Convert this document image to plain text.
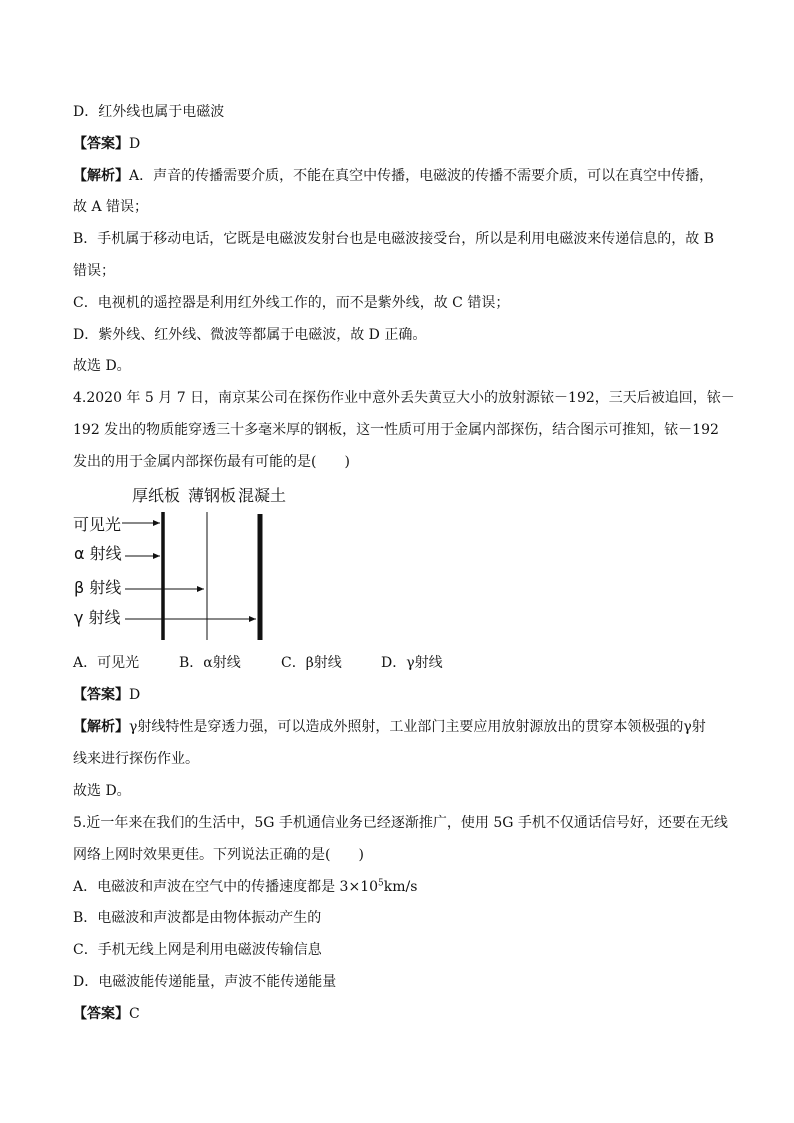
D．红外线也属于电磁波
【答案】D
【解析】A．声音的传播需要介质，不能在真空中传播，电磁波的传播不需要介质，可以在真空中传播，
故 A 错误；
B．手机属于移动电话，它既是电磁波发射台也是电磁波接受台，所以是利用电磁波来传递信息的，故 B
错误；
C．电视机的遥控器是利用红外线工作的，而不是紫外线，故 C 错误；
D．紫外线、红外线、微波等都属于电磁波，故 D 正确。
故选 D。
4.2020 年 5 月 7 日，南京某公司在探伤作业中意外丢失黄豆大小的放射源铱－192，三天后被追回，铱－
192 发出的物质能穿透三十多毫米厚的钢板，这一性质可用于金属内部探伤，结合图示可推知，铱－192
发出的用于金属内部探伤最有可能的是(　　)
厚纸板 薄钢板 混凝土
可见光
α 射线
β 射线
γ 射线
A．可见光	B．α射线	C．β射线	D．γ射线
【答案】D
【解析】γ射线特性是穿透力强，可以造成外照射，工业部门主要应用放射源放出的贯穿本领极强的γ射
线来进行探伤作业。
故选 D。
5.近一年来在我们的生活中，5G 手机通信业务已经逐渐推广，使用 5G 手机不仅通话信号好，还要在无线
网络上网时效果更佳。下列说法正确的是(　　)
A．电磁波和声波在空气中的传播速度都是 $3\times 10^5km/s$
B．电磁波和声波都是由物体振动产生的
C．手机无线上网是利用电磁波传输信息
D．电磁波能传递能量，声波不能传递能量
【答案】C
